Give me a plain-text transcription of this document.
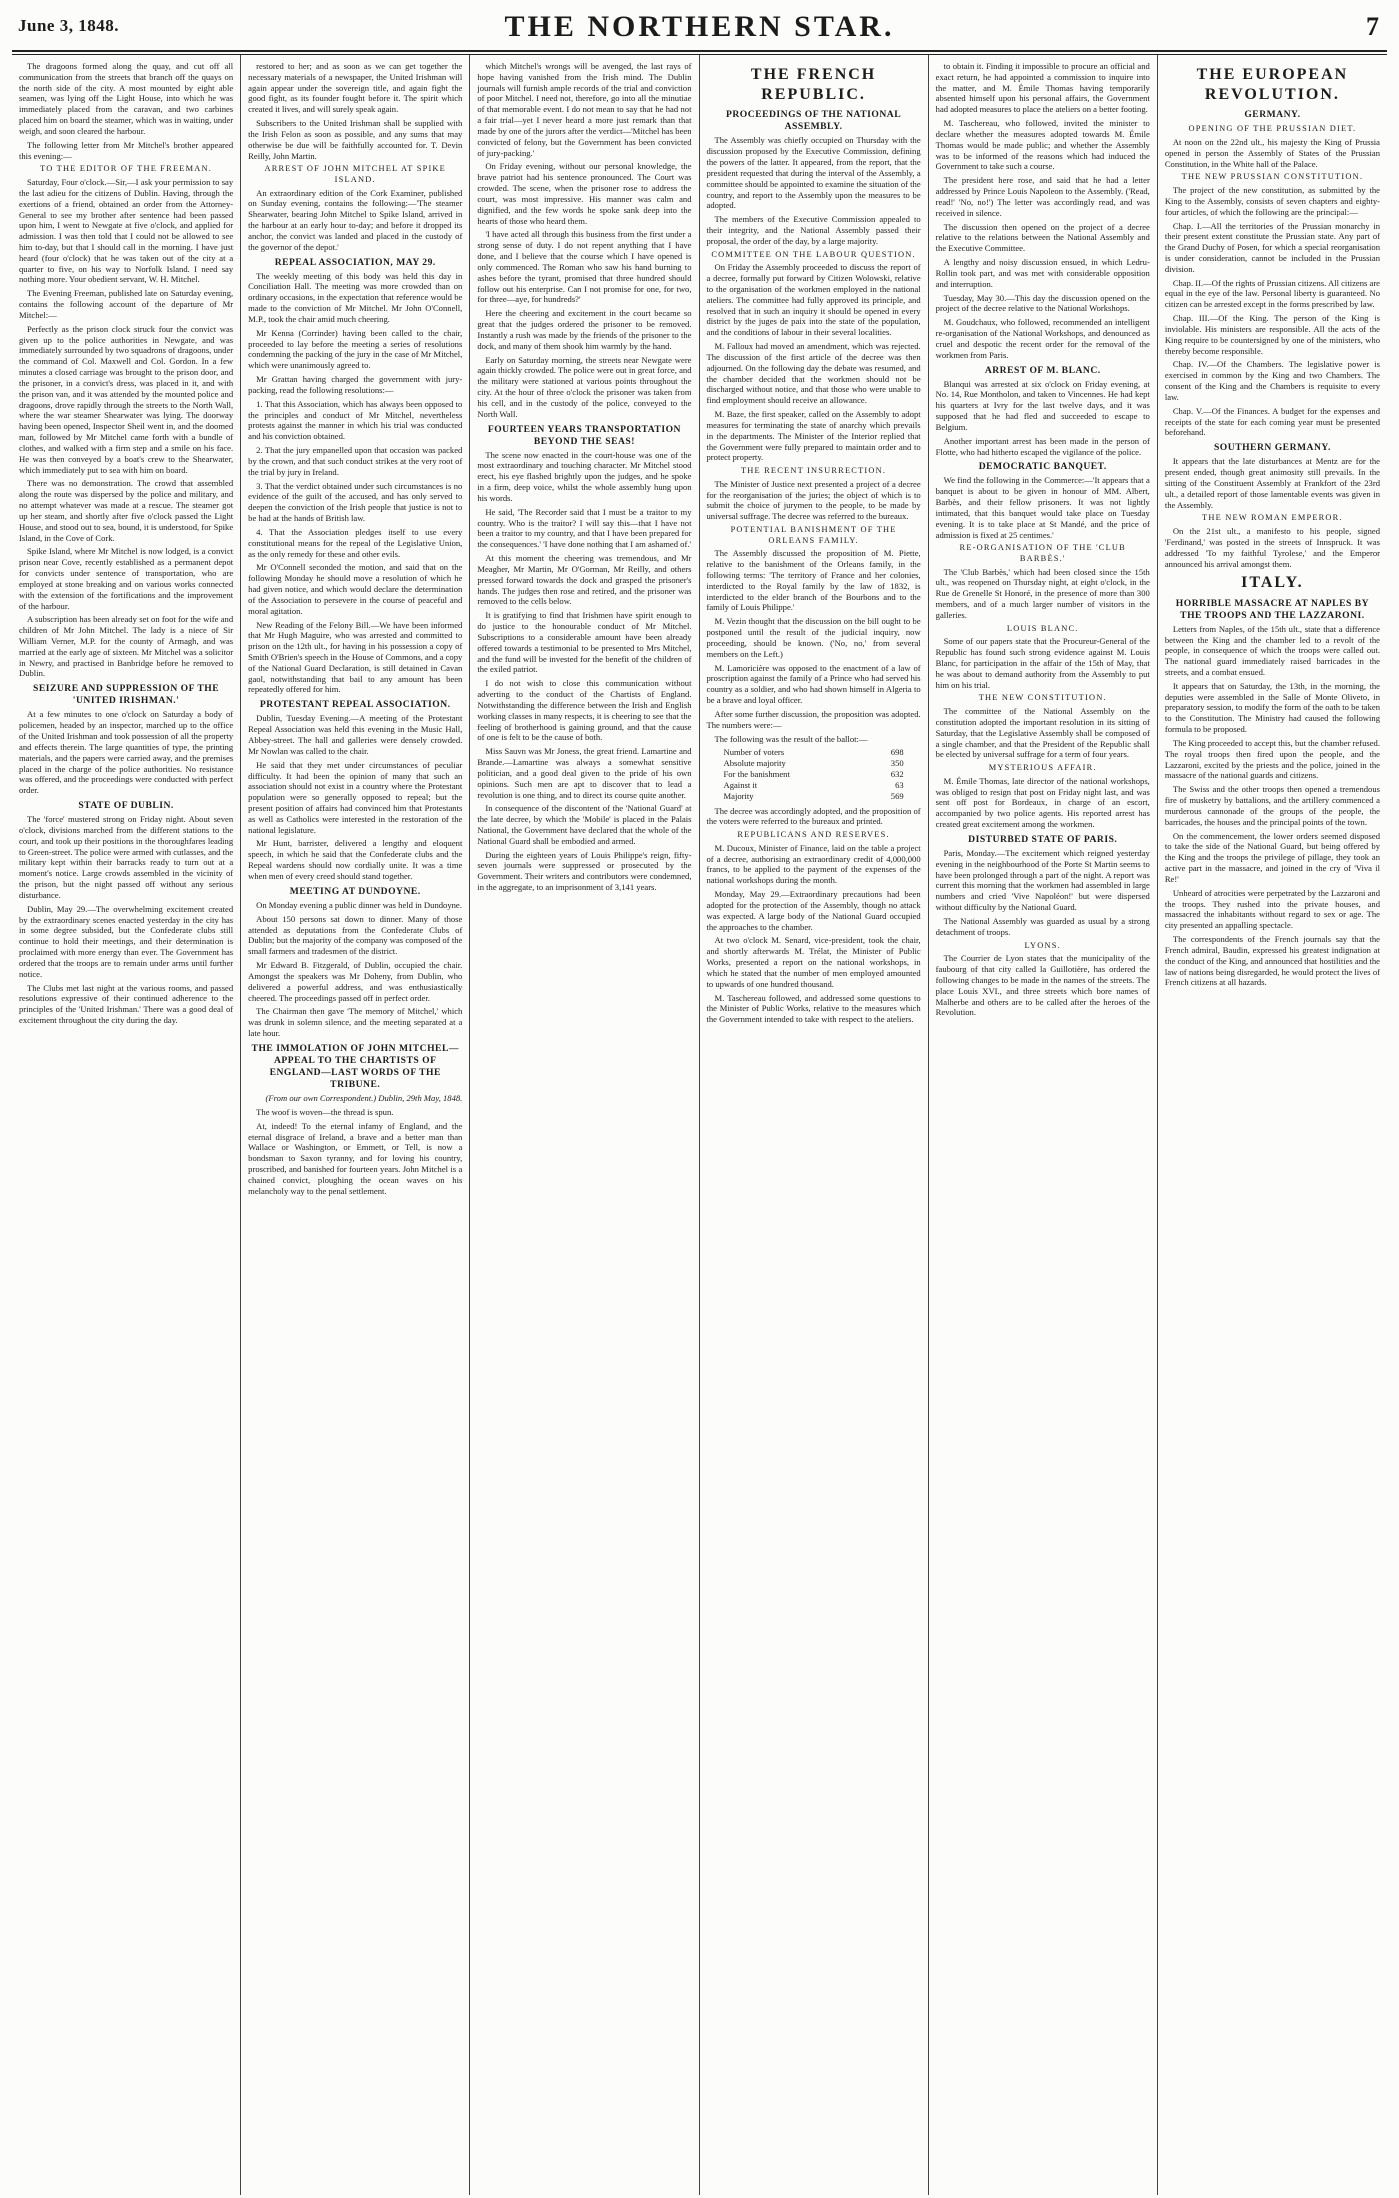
June 3, 1848.	THE NORTHERN STAR.	7

The dragoons formed along the quay, and cut off all communication from the streets that branch off the quays on the north side of the city. A most mounted by eight able seamen, was lying off the Light House, into which he was immediately placed from the caravan, and two carbines placed him on board the steamer, which was in waiting, under weigh, and soon cleared the harbour.

The following letter from Mr Mitchel's brother appeared this evening:—

TO THE EDITOR OF THE FREEMAN.

Saturday, Four o'clock.—Sir,—I ask your permission to say the last adieu for the citizens of Dublin. Having, through the exertions of a friend, obtained an order from the Attorney-General to see my brother after sentence had been passed upon him, I went to Newgate at five o'clock, and applied for admission. I was then told that I could not be allowed to see him to-day, but that I should call in the morning. I have just heard (four o'clock) that he was taken out of the city at a quarter to five, on his way to Norfolk Island. I need say nothing more. Your obedient servant, W. H. Mitchel.

The Evening Freeman, published late on Saturday evening, contains the following account of the departure of Mr Mitchel:—

Perfectly as the prison clock struck four the convict was given up to the police authorities in Newgate, and was immediately surrounded by two squadrons of dragoons, under the command of Col. Maxwell and Col. Gordon. In a few minutes a closed carriage was brought to the prison door, and the prisoner, in a convict's dress, was placed in it, and with the prison van, and it was attended by the mounted police and dragoons, drove rapidly through the streets to the North Wall, where the war steamer Shearwater was lying. The doorway having been opened, Inspector Sheil went in, and the doomed man, followed by Mr Mitchel came forth with a bundle of clothes, and walked with a firm step and a smile on his face. He was then conveyed by a boat's crew to the Shearwater, which immediately put to sea with him on board.

There was no demonstration. The crowd that assembled along the route was dispersed by the police and military, and no attempt whatever was made at a rescue. The steamer got up her steam, and shortly after five o'clock passed the Light House, and stood out to sea, bound, it is understood, for Spike Island, in the Cove of Cork.

Spike Island, where Mr Mitchel is now lodged, is a convict prison near Cove, recently established as a permanent depot for convicts under sentence of transportation, who are employed at stone breaking and on various works connected with the extension of the fortifications and the improvement of the harbour.

A subscription has been already set on foot for the wife and children of Mr John Mitchel. The lady is a niece of Sir William Verner, M.P. for the county of Armagh, and was married at the early age of sixteen. Mr Mitchel was a solicitor in Newry, and practised in Banbridge before he removed to Dublin.

SEIZURE AND SUPPRESSION OF THE 'UNITED IRISHMAN.'

At a few minutes to one o'clock on Saturday a body of policemen, headed by an inspector, marched up to the office of the United Irishman and took possession of all the property and effects therein. The large quantities of type, the printing materials, and the papers were carried away, and the premises placed in the charge of the police authorities. No resistance was offered, and the proceedings were conducted with perfect order.

STATE OF DUBLIN.

The 'force' mustered strong on Friday night. About seven o'clock, divisions marched from the different stations to the court, and took up their positions in the thoroughfares leading to Green-street. The police were armed with cutlasses, and the military kept within their barracks ready to turn out at a moment's notice. Large crowds assembled in the vicinity of the prison, but the night passed off without any serious disturbance.

Dublin, May 29.—The overwhelming excitement created by the extraordinary scenes enacted yesterday in the city has in some degree subsided, but the Confederate clubs still continue to hold their meetings, and their determination is proclaimed with more energy than ever. The Government has ordered that the troops are to remain under arms until further notice.

The Clubs met last night at the various rooms, and passed resolutions expressive of their continued adherence to the principles of the 'United Irishman.' There was a good deal of excitement throughout the city during the day.

restored to her; and as soon as we can get together the necessary materials of a newspaper, the United Irishman will again appear under the sovereign title, and again fight the good fight, as its founder fought before it. The spirit which created it lives, and will surely speak again.

Subscribers to the United Irishman shall be supplied with the Irish Felon as soon as possible, and any sums that may otherwise be due will be faithfully accounted for. T. Devin Reilly, John Martin.

ARREST OF JOHN MITCHEL AT SPIKE ISLAND.

An extraordinary edition of the Cork Examiner, published on Sunday evening, contains the following:—'The steamer Shearwater, bearing John Mitchel to Spike Island, arrived in the harbour at an early hour to-day; and before it dropped its anchor, the convict was landed and placed in the custody of the governor of the depot.'

REPEAL ASSOCIATION, MAY 29.

The weekly meeting of this body was held this day in Conciliation Hall. The meeting was more crowded than on ordinary occasions, in the expectation that reference would be made to the conviction of Mr Mitchel. Mr John O'Connell, M.P., took the chair amid much cheering.

Mr Kenna (Corrinder) having been called to the chair, proceeded to lay before the meeting a series of resolutions condemning the packing of the jury in the case of Mr Mitchel, which were unanimously agreed to.

Mr Grattan having charged the government with jury-packing, read the following resolutions:—

1. That this Association, which has always been opposed to the principles and conduct of Mr Mitchel, nevertheless protests against the manner in which his trial was conducted and his conviction obtained.

2. That the jury empanelled upon that occasion was packed by the crown, and that such conduct strikes at the very root of the trial by jury in Ireland.

3. That the verdict obtained under such circumstances is no evidence of the guilt of the accused, and has only served to deepen the conviction of the Irish people that justice is not to be had at the hands of British law.

4. That the Association pledges itself to use every constitutional means for the repeal of the Legislative Union, as the only remedy for these and other evils.

Mr O'Connell seconded the motion, and said that on the following Monday he should move a resolution of which he had given notice, and which would declare the determination of the Association to persevere in the course of peaceful and moral agitation.

New Reading of the Felony Bill.—We have been informed that Mr Hugh Maguire, who was arrested and committed to prison on the 12th ult., for having in his possession a copy of Smith O'Brien's speech in the House of Commons, and a copy of the National Guard Declaration, is still detained in Cavan gaol, notwithstanding that bail to any amount has been repeatedly offered for him.

PROTESTANT REPEAL ASSOCIATION.

Dublin, Tuesday Evening.—A meeting of the Protestant Repeal Association was held this evening in the Music Hall, Abbey-street. The hall and galleries were densely crowded. Mr Nowlan was called to the chair.

He said that they met under circumstances of peculiar difficulty. It had been the opinion of many that such an association should not exist in a country where the Protestant population were so generally opposed to repeal; but the present position of affairs had convinced him that Protestants as well as Catholics were interested in the restoration of the national legislature.

Mr Hunt, barrister, delivered a lengthy and eloquent speech, in which he said that the Confederate clubs and the Repeal wardens should now cordially unite. It was a time when men of every creed should stand together.

MEETING AT DUNDOYNE.

On Monday evening a public dinner was held in Dundoyne.

About 150 persons sat down to dinner. Many of those attended as deputations from the Confederate Clubs of Dublin; but the majority of the company was composed of the small farmers and tradesmen of the district.

Mr Edward B. Fitzgerald, of Dublin, occupied the chair. Amongst the speakers was Mr Doheny, from Dublin, who delivered a powerful address, and was enthusiastically cheered. The proceedings passed off in perfect order.

The Chairman then gave 'The memory of Mitchel,' which was drunk in solemn silence, and the meeting separated at a late hour.

THE IMMOLATION OF JOHN MITCHEL—APPEAL TO THE CHARTISTS OF ENGLAND—LAST WORDS OF THE TRIBUNE.

(From our own Correspondent.) Dublin, 29th May, 1848.

The woof is woven—the thread is spun.

At, indeed! To the eternal infamy of England, and the eternal disgrace of Ireland, a brave and a better man than Wallace or Washington, or Emmett, or Tell, is now a bondsman to Saxon tyranny, and for loving his country, proscribed, and banished for fourteen years. John Mitchel is a chained convict, ploughing the ocean waves on his melancholy way to the penal settlement.

which Mitchel's wrongs will be avenged, the last rays of hope having vanished from the Irish mind. The Dublin journals will furnish ample records of the trial and conviction of poor Mitchel. I need not, therefore, go into all the minutiae of that memorable event. I do not mean to say that he had not a fair trial—yet I never heard a more just remark than that made by one of the jurors after the verdict—'Mitchel has been convicted of felony, but the Government has been convicted of jury-packing.'

On Friday evening, without our personal knowledge, the brave patriot had his sentence pronounced. The Court was crowded. The scene, when the prisoner rose to address the court, was most impressive. His manner was calm and dignified, and the few words he spoke sank deep into the hearts of those who heard them.

'I have acted all through this business from the first under a strong sense of duty. I do not repent anything that I have done, and I believe that the course which I have opened is only commenced. The Roman who saw his hand burning to ashes before the tyrant, promised that three hundred should follow out his enterprise. Can I not promise for one, for two, for three—aye, for hundreds?'

Here the cheering and excitement in the court became so great that the judges ordered the prisoner to be removed. Instantly a rush was made by the friends of the prisoner to the dock, and many of them shook him warmly by the hand.

Early on Saturday morning, the streets near Newgate were again thickly crowded. The police were out in great force, and the military were stationed at various points throughout the city. At the hour of three o'clock the prisoner was taken from his cell, and in the custody of the police, conveyed to the North Wall.

FOURTEEN YEARS TRANSPORTATION BEYOND THE SEAS!

The scene now enacted in the court-house was one of the most extraordinary and touching character. Mr Mitchel stood erect, his eye flashed brightly upon the judges, and he spoke in a firm, deep voice, whilst the whole assembly hung upon his words.

He said, 'The Recorder said that I must be a traitor to my country. Who is the traitor? I will say this—that I have not been a traitor to my country, and that I have been prepared for the consequences.' 'I have done nothing that I am ashamed of.'

At this moment the cheering was tremendous, and Mr Meagher, Mr Martin, Mr O'Gorman, Mr Reilly, and others pressed forward towards the dock and grasped the prisoner's hands. The judges then rose and retired, and the prisoner was removed to the cells below.

It is gratifying to find that Irishmen have spirit enough to do justice to the honourable conduct of Mr Mitchel. Subscriptions to a considerable amount have been already offered towards a testimonial to be presented to Mrs Mitchel, and the fund will be invested for the benefit of the children of the exiled patriot.

I do not wish to close this communication without adverting to the conduct of the Chartists of England. Notwithstanding the difference between the Irish and English working classes in many respects, it is cheering to see that the feeling of brotherhood is gaining ground, and that the cause of one is felt to be the cause of both.

Miss Sauvn was Mr Joness, the great friend. Lamartine and Brande.—Lamartine was always a somewhat sensitive politician, and a good deal given to the pride of his own opinions. Such men are apt to discover that to lead a revolution is one thing, and to direct its course quite another.

In consequence of the discontent of the 'National Guard' at the late decree, by which the 'Mobile' is placed in the Palais National, the Government have declared that the whole of the National Guard shall be embodied and armed.

During the eighteen years of Louis Philippe's reign, fifty-seven journals were suppressed or prosecuted by the Government. Their writers and contributors were condemned, in the aggregate, to an imprisonment of 3,141 years.

THE FRENCH REPUBLIC.
PROCEEDINGS OF THE NATIONAL ASSEMBLY.

The Assembly was chiefly occupied on Thursday with the discussion proposed by the Executive Commission, defining the powers of the latter. It appeared, from the report, that the president requested that during the interval of the Assembly, a committee should be appointed to examine the situation of the country, and report to the Assembly upon the measures to be adopted.

The members of the Executive Commission appealed to their integrity, and the National Assembly passed their proposal, the order of the day, by a large majority.

COMMITTEE ON THE LABOUR QUESTION.

On Friday the Assembly proceeded to discuss the report of a decree, formally put forward by Citizen Wolowski, relative to the organisation of the workmen employed in the national ateliers. The committee had fully approved its principle, and resolved that in such an inquiry it should be opened in every district by the juges de paix into the state of the population, and the conditions of labour in their several localities.

M. Falloux had moved an amendment, which was rejected. The discussion of the first article of the decree was then adjourned. On the following day the debate was resumed, and the chamber decided that the workmen should not be discharged without notice, and that those who were unable to find employment should receive an allowance.

M. Baze, the first speaker, called on the Assembly to adopt measures for terminating the state of anarchy which prevails in the departments. The Minister of the Interior replied that the Government were fully prepared to maintain order and to protect property.

THE RECENT INSURRECTION.

The Minister of Justice next presented a project of a decree for the reorganisation of the juries; the object of which is to submit the choice of jurymen to the people, to be made by universal suffrage. The decree was referred to the bureaux.

POTENTIAL BANISHMENT OF THE ORLEANS FAMILY.

The Assembly discussed the proposition of M. Piette, relative to the banishment of the Orleans family, in the following terms: 'The territory of France and her colonies, interdicted to the Royal family by the law of 1832, is interdicted to the elder branch of the Bourbons and to the family of Louis Philippe.'

M. Vezin thought that the discussion on the bill ought to be postponed until the result of the judicial inquiry, now proceeding, should be known. ('No, no,' from several members on the Left.)

M. Lamoricière was opposed to the enactment of a law of proscription against the family of a Prince who had served his country as a soldier, and who had shown himself in Algeria to be a brave and loyal officer.

After some further discussion, the proposition was adopted. The numbers were:—

The following was the result of the ballot:—

Number of voters	698
Absolute majority	350
For the banishment	632
Against it	63
Majority	569

The decree was accordingly adopted, and the proposition of the voters were referred to the bureaux and printed.

REPUBLICANS AND RESERVES.

M. Ducoux, Minister of Finance, laid on the table a project of a decree, authorising an extraordinary credit of 4,000,000 francs, to be applied to the payment of the expenses of the national workshops during the month.

Monday, May 29.—Extraordinary precautions had been adopted for the protection of the Assembly, though no attack was expected. A large body of the National Guard occupied the approaches to the chamber.

At two o'clock M. Senard, vice-president, took the chair, and shortly afterwards M. Trélat, the Minister of Public Works, presented a report on the national workshops, in which he stated that the number of men employed amounted to upwards of one hundred thousand.

M. Taschereau followed, and addressed some questions to the Minister of Public Works, relative to the measures which the Government intended to take with respect to the ateliers.

to obtain it. Finding it impossible to procure an official and exact return, he had appointed a commission to inquire into the matter, and M. Émile Thomas having temporarily absented himself upon his personal affairs, the Government had adopted measures to place the ateliers on a better footing.

M. Taschereau, who followed, invited the minister to declare whether the measures adopted towards M. Émile Thomas would be made public; and whether the Assembly was to be informed of the reasons which had induced the Government to take such a course.

The president here rose, and said that he had a letter addressed by Prince Louis Napoleon to the Assembly. ('Read, read!' 'No, no!') The letter was accordingly read, and was received in silence.

The discussion then opened on the project of a decree relative to the relations between the National Assembly and the Executive Committee.

A lengthy and noisy discussion ensued, in which Ledru-Rollin took part, and was met with considerable opposition and interruption.

Tuesday, May 30.—This day the discussion opened on the project of the decree relative to the National Workshops.

M. Goudchaux, who followed, recommended an intelligent re-organisation of the National Workshops, and denounced as cruel and despotic the recent order for the removal of the workmen from Paris.

ARREST OF M. BLANC.

Blanqui was arrested at six o'clock on Friday evening, at No. 14, Rue Montholon, and taken to Vincennes. He had kept his quarters at Ivry for the last twelve days, and it was supposed that he had fled and succeeded to escape to Belgium.

Another important arrest has been made in the person of Flotte, who had hitherto escaped the vigilance of the police.

DEMOCRATIC BANQUET.

We find the following in the Commerce:—'It appears that a banquet is about to be given in honour of MM. Albert, Barbès, and their fellow prisoners. It was not lightly intimated, that this banquet would take place on Tuesday evening. It is to take place at St Mandé, and the price of admission is fixed at 25 centimes.'

RE-ORGANISATION OF THE 'CLUB BARBÈS.'

The 'Club Barbès,' which had been closed since the 15th ult., was reopened on Thursday night, at eight o'clock, in the Rue de Grenelle St Honoré, in the presence of more than 300 members, and of a much larger number of visitors in the galleries.

LOUIS BLANC.

Some of our papers state that the Procureur-General of the Republic has found such strong evidence against M. Louis Blanc, for participation in the affair of the 15th of May, that he was about to demand authority from the Assembly to put him on his trial.

THE NEW CONSTITUTION.

The committee of the National Assembly on the constitution adopted the important resolution in its sitting of Saturday, that the Legislative Assembly shall be composed of a single chamber, and that the President of the Republic shall be elected by universal suffrage for a term of four years.

MYSTERIOUS AFFAIR.

M. Émile Thomas, late director of the national workshops, was obliged to resign that post on Friday night last, and was sent off post for Bordeaux, in charge of an escort, accompanied by two police agents. His reported arrest has created great excitement among the workmen.

DISTURBED STATE OF PARIS.

Paris, Monday.—The excitement which reigned yesterday evening in the neighbourhood of the Porte St Martin seems to have been prolonged through a part of the night. A report was current this morning that the workmen had assembled in large numbers and cried 'Vive Napoléon!' but were dispersed without difficulty by the National Guard.

The National Assembly was guarded as usual by a strong detachment of troops.

LYONS.

The Courrier de Lyon states that the municipality of the faubourg of that city called la Guillotière, has ordered the following changes to be made in the names of the streets. The place Louis XVI., and three streets which bore names of Malherbe and others are to be called after the heroes of the Revolution.

THE EUROPEAN REVOLUTION.
GERMANY.
OPENING OF THE PRUSSIAN DIET.

At noon on the 22nd ult., his majesty the King of Prussia opened in person the Assembly of States of the Prussian Constitution, in the White hall of the Palace.

THE NEW PRUSSIAN CONSTITUTION.

The project of the new constitution, as submitted by the King to the Assembly, consists of seven chapters and eighty-four articles, of which the following are the principal:—

Chap. I.—All the territories of the Prussian monarchy in their present extent constitute the Prussian state. Any part of the Grand Duchy of Posen, for which a special reorganisation is under consideration, cannot be included in the Prussian division.

Chap. II.—Of the rights of Prussian citizens. All citizens are equal in the eye of the law. Personal liberty is guaranteed. No citizen can be arrested except in the forms prescribed by law.

Chap. III.—Of the King. The person of the King is inviolable. His ministers are responsible. All the acts of the King require to be countersigned by one of the ministers, who thereby become responsible.

Chap. IV.—Of the Chambers. The legislative power is exercised in common by the King and two Chambers. The consent of the King and the Chambers is requisite to every law.

Chap. V.—Of the Finances. A budget for the expenses and receipts of the state for each coming year must be presented beforehand.

SOUTHERN GERMANY.

It appears that the late disturbances at Mentz are for the present ended, though great animosity still prevails. In the sitting of the Constituent Assembly at Frankfort of the 23rd ult., a detailed report of those lamentable events was given in the Assembly.

THE NEW ROMAN EMPEROR.

On the 21st ult., a manifesto to his people, signed 'Ferdinand,' was posted in the streets of Innspruck. It was addressed 'To my faithful Tyrolese,' and the Emperor announced his arrival amongst them.

ITALY.
HORRIBLE MASSACRE AT NAPLES BY THE TROOPS AND THE LAZZARONI.

Letters from Naples, of the 15th ult., state that a difference between the King and the chamber led to a revolt of the people, in consequence of which the troops were called out. The national guard immediately raised barricades in the streets, and a combat ensued.

It appears that on Saturday, the 13th, in the morning, the deputies were assembled in the Salle of Monte Oliveto, in preparatory session, to modify the form of the oath to be taken to the Constitution. The Ministry had caused the following formula to be proposed.

The King proceeded to accept this, but the chamber refused. The royal troops then fired upon the people, and the Lazzaroni, excited by the priests and the police, joined in the massacre of the national guards and citizens.

The Swiss and the other troops then opened a tremendous fire of musketry by battalions, and the artillery commenced a murderous cannonade of the groups of the people, the barricades, the houses and the principal points of the town.

On the commencement, the lower orders seemed disposed to take the side of the National Guard, but being offered by the King and the troops the privilege of pillage, they took an active part in the massacre, and joined in the cry of 'Viva il Re!'

Unheard of atrocities were perpetrated by the Lazzaroni and the troops. They rushed into the private houses, and massacred the inhabitants without regard to sex or age. The city presented an appalling spectacle.

The correspondents of the French journals say that the French admiral, Baudin, expressed his greatest indignation at the conduct of the King, and announced that hostilities and the law of nations being disregarded, he would protect the lives of French citizens at all hazards.
